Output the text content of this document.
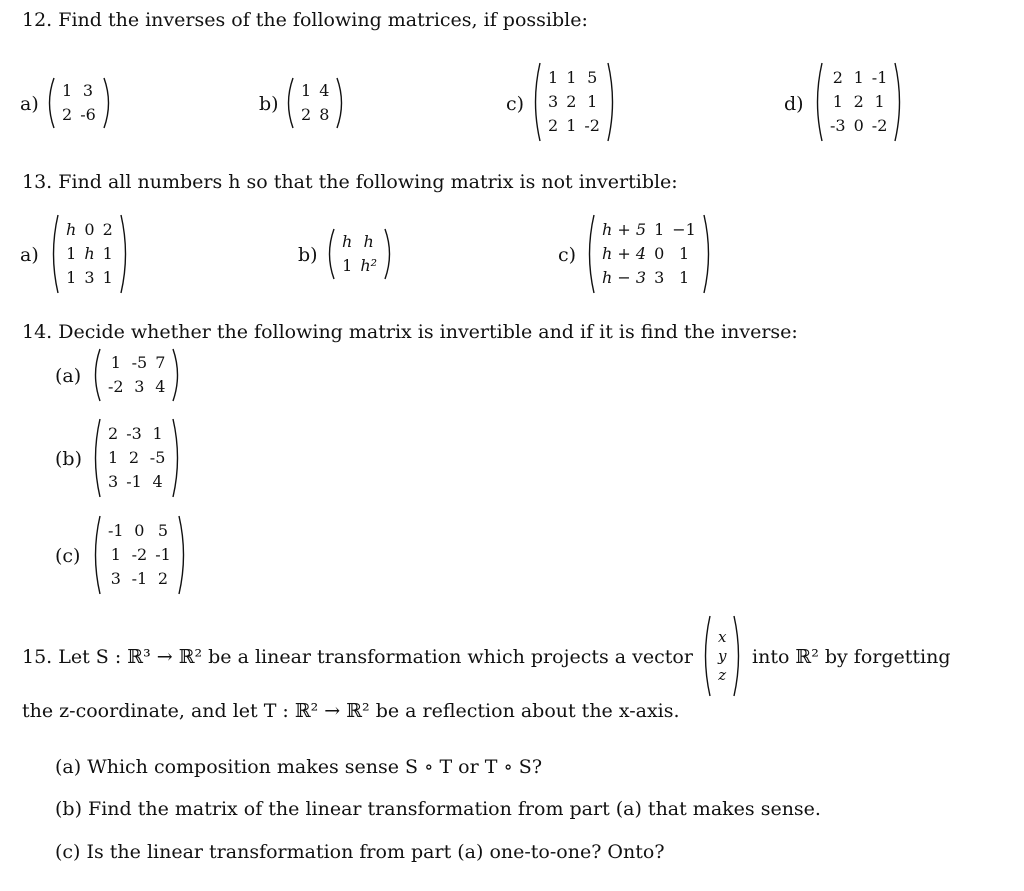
12. Find the inverses of the following matrices, if possible:
a)
1 3
2 -6	b)
1 4
2 8	c)
1 1 5
3 2 1
2 1 -2
d)
2 1 -1
1 2 1
-3 0 -2
13. Find all numbers h so that the following matrix is not invertible:
a)
h 0 2
1 h 1
1 3 1
b)
h h
1 h²	c)
h + 5 1 −1
h + 4 0 1
h − 3 3 1
14. Decide whether the following matrix is invertible and if it is find the inverse:
(a)
1 -5 7
-2 3 4
(b)
2 -3 1
1 2 -5
3 -1 4
(c)
-1 0 5
1 -2 -1
3 -1 2
15. Let S : ℝ³ → ℝ² be a linear transformation which projects a vector
x
y
z
into ℝ² by forgetting
the z-coordinate, and let T : ℝ² → ℝ² be a reflection about the x-axis.
(a) Which composition makes sense S ∘ T or T ∘ S?
(b) Find the matrix of the linear transformation from part (a) that makes sense.
(c) Is the linear transformation from part (a) one-to-one? Onto?
